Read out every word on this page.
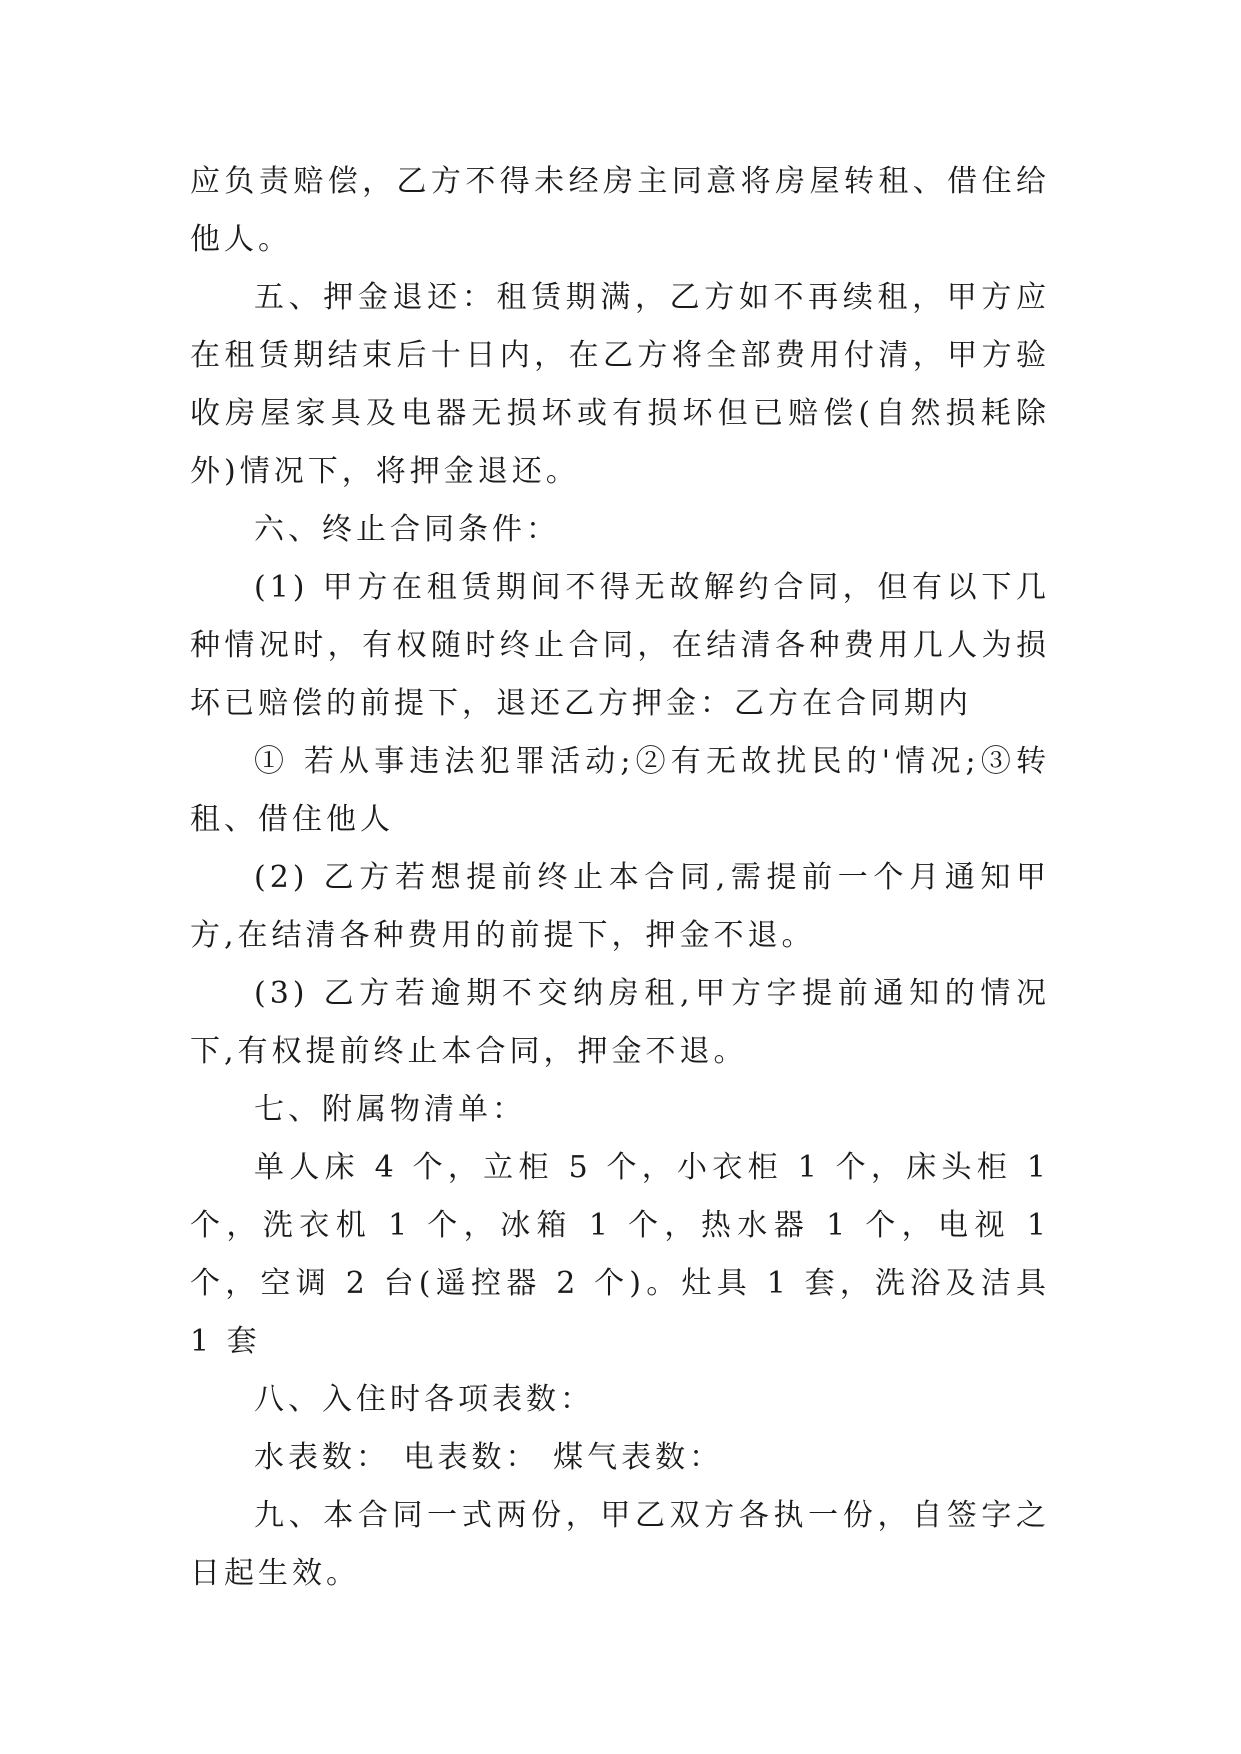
应负责赔偿，乙方不得未经房主同意将房屋转租、借住给他人。

五、押金退还：租赁期满，乙方如不再续租，甲方应在租赁期结束后十日内，在乙方将全部费用付清，甲方验收房屋家具及电器无损坏或有损坏但已赔偿(自然损耗除外)情况下，将押金退还。

六、终止合同条件：

(1) 甲方在租赁期间不得无故解约合同，但有以下几种情况时，有权随时终止合同，在结清各种费用几人为损坏已赔偿的前提下，退还乙方押金：乙方在合同期内

① 若从事违法犯罪活动;②有无故扰民的'情况;③转租、借住他人

(2) 乙方若想提前终止本合同,需提前一个月通知甲方,在结清各种费用的前提下，押金不退。

(3) 乙方若逾期不交纳房租,甲方字提前通知的情况下,有权提前终止本合同，押金不退。

七、附属物清单：

单人床 4 个，立柜 5 个，小衣柜 1 个，床头柜 1 个，洗衣机 1 个，冰箱 1 个，热水器 1 个，电视 1 个，空调 2 台(遥控器 2 个)。灶具 1 套，洗浴及洁具 1 套

八、入住时各项表数：

水表数： 电表数： 煤气表数：

九、本合同一式两份，甲乙双方各执一份，自签字之日起生效。
